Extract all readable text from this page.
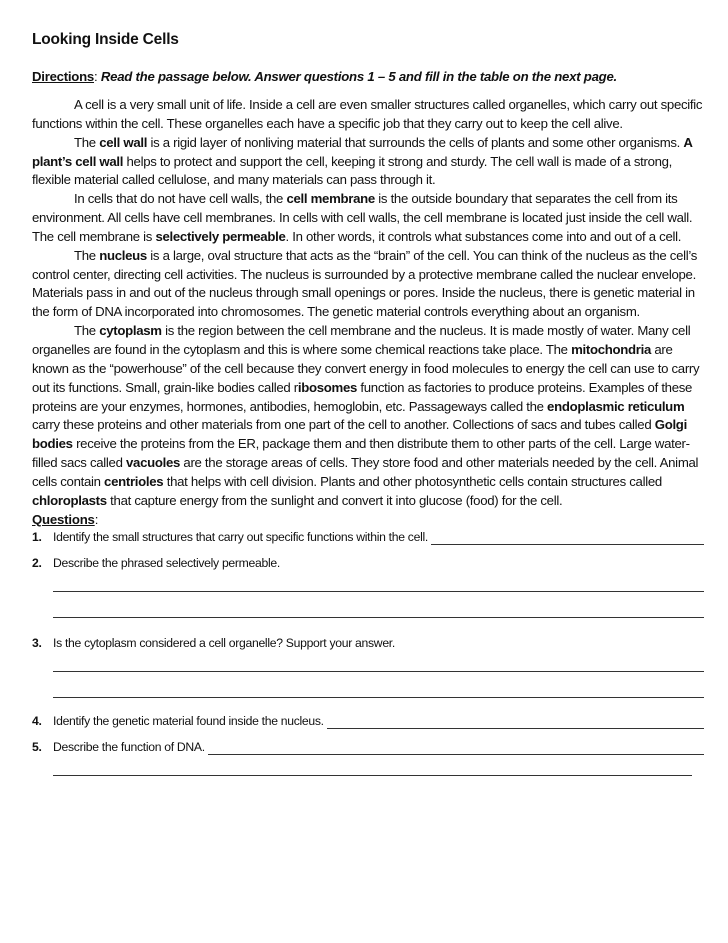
Looking Inside Cells
Directions: Read the passage below. Answer questions 1 – 5 and fill in the table on the next page.

A cell is a very small unit of life. Inside a cell are even smaller structures called organelles, which carry out specific functions within the cell. These organelles each have a specific job that they carry out to keep the cell alive.

The cell wall is a rigid layer of nonliving material that surrounds the cells of plants and some other organisms. A plant’s cell wall helps to protect and support the cell, keeping it strong and sturdy. The cell wall is made of a strong, flexible material called cellulose, and many materials can pass through it.

In cells that do not have cell walls, the cell membrane is the outside boundary that separates the cell from its environment. All cells have cell membranes. In cells with cell walls, the cell membrane is located just inside the cell wall. The cell membrane is selectively permeable. In other words, it controls what substances come into and out of a cell.

The nucleus is a large, oval structure that acts as the “brain” of the cell. You can think of the nucleus as the cell’s control center, directing cell activities. The nucleus is surrounded by a protective membrane called the nuclear envelope. Materials pass in and out of the nucleus through small openings or pores. Inside the nucleus, there is genetic material in the form of DNA incorporated into chromosomes. The genetic material controls everything about an organism.

The cytoplasm is the region between the cell membrane and the nucleus. It is made mostly of water. Many cell organelles are found in the cytoplasm and this is where some chemical reactions take place. The mitochondria are known as the “powerhouse” of the cell because they convert energy in food molecules to energy the cell can use to carry out its functions. Small, grain-like bodies called ribosomes function as factories to produce proteins. Examples of these proteins are your enzymes, hormones, antibodies, hemoglobin, etc. Passageways called the endoplasmic reticulum carry these proteins and other materials from one part of the cell to another. Collections of sacs and tubes called Golgi bodies receive the proteins from the ER, package them and then distribute them to other parts of the cell. Large water-filled sacs called vacuoles are the storage areas of cells. They store food and other materials needed by the cell. Animal cells contain centrioles that helps with cell division. Plants and other photosynthetic cells contain structures called chloroplasts that capture energy from the sunlight and convert it into glucose (food) for the cell.

Questions:
1. Identify the small structures that carry out specific functions within the cell.
2. Describe the phrased selectively permeable.
3. Is the cytoplasm considered a cell organelle? Support your answer.
4. Identify the genetic material found inside the nucleus.
5. Describe the function of DNA.
